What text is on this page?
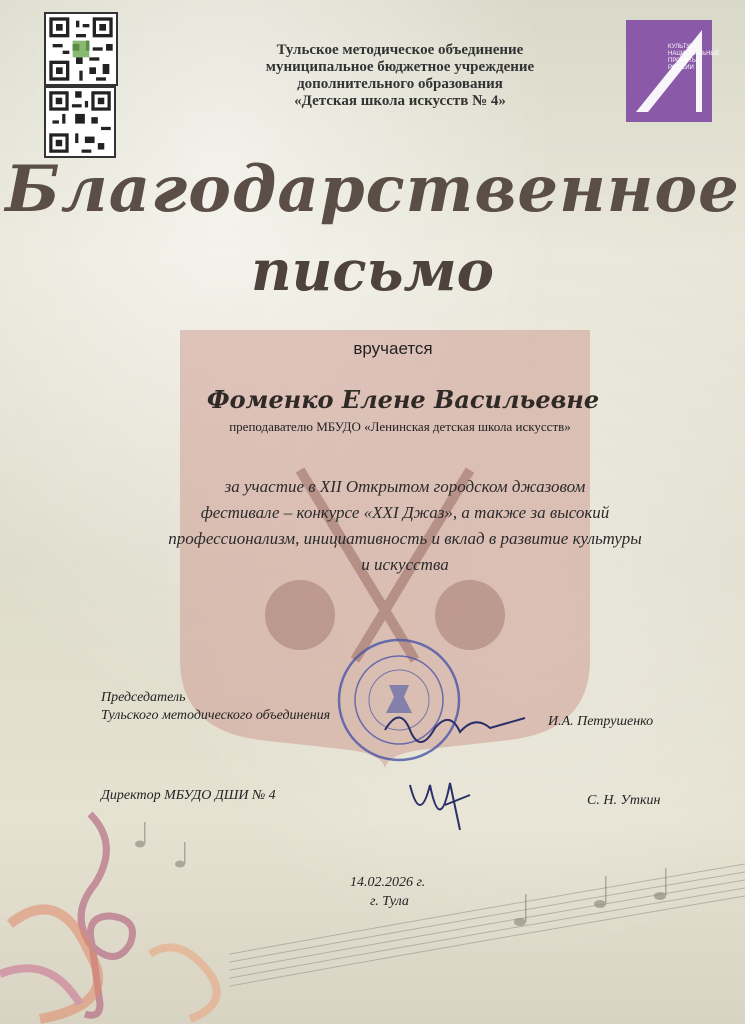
КУЛЬТУРА
НАЦИОНАЛЬНЫЕ
ПРОЕКТЫ
РОССИИ
Тульское методическое объединение
муниципальное бюджетное учреждение
дополнительного образования
«Детская школа искусств № 4»
Благодарственное
письмо
вручается
Фоменко Елене Васильевне
преподавателю МБУДО «Ленинская детская школа искусств»
за участие в XII Открытом городском джазовом
фестивале – конкурсе «XXI Джаз», а также за высокий
профессионализм, инициативность и вклад в развитие культуры
и искусства
Председатель
Тульского методического объединения	И.А. Петрушенко
Директор МБУДО ДШИ № 4	С. Н. Уткин
14.02.2026 г.
г. Тула
